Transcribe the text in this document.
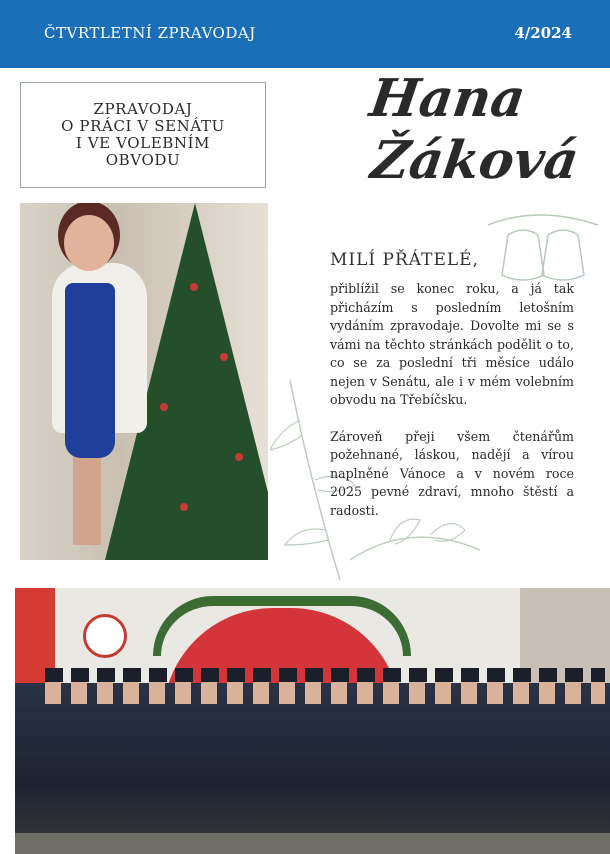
ČTVRTLETNÍ ZPRAVODAJ	4/2024
ZPRAVODAJ
O PRÁCI V SENÁTU
I VE VOLEBNÍM
OBVODU
Hana
Žáková
MILÍ PŘÁTELÉ,

přiblížil se konec roku, a já tak přicházím s posledním letošním vydáním zpravodaje. Dovolte mi se s vámi na těchto stránkách podělit o to, co se za poslední tři měsíce událo nejen v Senátu, ale i v mém volebním obvodu na Třebíčsku.

Zároveň přeji všem čtenářům požehnané, láskou, nadějí a vírou naplněné Vánoce a v novém roce 2025 pevné zdraví, mnoho štěstí a radosti.
